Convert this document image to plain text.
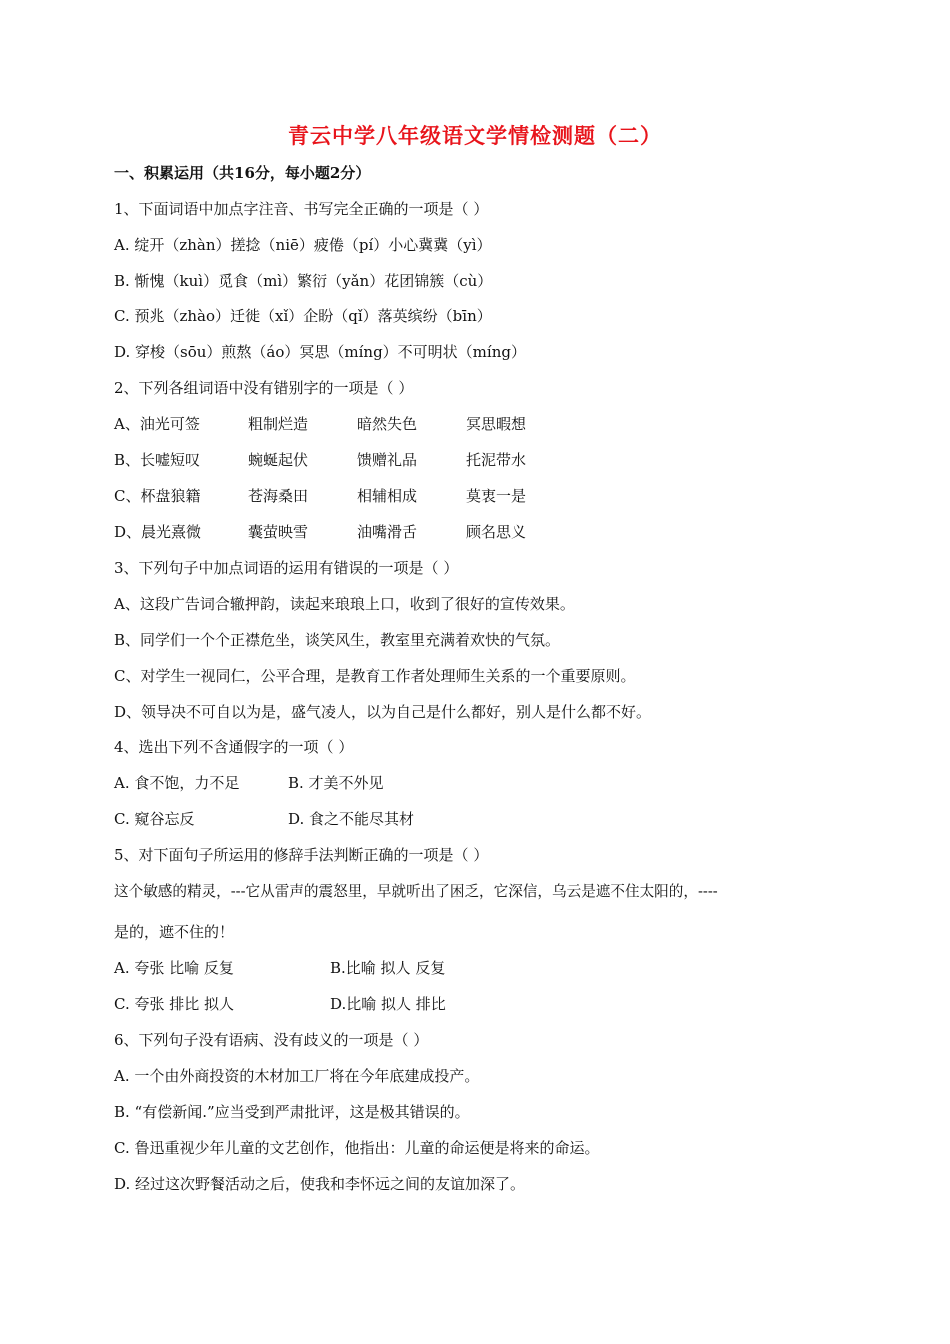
青云中学八年级语文学情检测题（二）
一、积累运用（共16分，每小题2分）
1、下面词语中加点字注音、书写完全正确的一项是（ ）
A. 绽开（zhàn）搓捻（niē）疲倦（pí）小心冀冀（yì）
B. 惭愧（kuì）觅食（mì）繁衍（yǎn）花团锦簇（cù）
C. 预兆（zhào）迁徙（xǐ）企盼（qǐ）落英缤纷（bīn）
D. 穿梭（sōu）煎熬（áo）冥思（míng）不可明状（míng）
2、下列各组词语中没有错别字的一项是（ ）
A、油光可签	粗制烂造	暗然失色	冥思暇想
B、长嘘短叹	蜿蜒起伏	馈赠礼品	托泥带水
C、杯盘狼籍	苍海桑田	相辅相成	莫衷一是
D、晨光熹微	囊萤映雪	油嘴滑舌	顾名思义
3、下列句子中加点词语的运用有错误的一项是（ ）
A、这段广告词合辙押韵，读起来琅琅上口，收到了很好的宣传效果。
B、同学们一个个正襟危坐，谈笑风生，教室里充满着欢快的气氛。
C、对学生一视同仁，公平合理，是教育工作者处理师生关系的一个重要原则。
D、领导决不可自以为是，盛气凌人，以为自己是什么都好，别人是什么都不好。
4、选出下列不含通假字的一项（ ）
A. 食不饱，力不足	B. 才美不外见
C. 窥谷忘反	D. 食之不能尽其材
5、对下面句子所运用的修辞手法判断正确的一项是（ ）
这个敏感的精灵，---它从雷声的震怒里，早就听出了困乏，它深信，乌云是遮不住太阳的，----
是的，遮不住的！
A. 夸张 比喻 反复	B.比喻 拟人 反复
C. 夸张 排比 拟人	D.比喻 拟人 排比
6、下列句子没有语病、没有歧义的一项是（ ）
A. 一个由外商投资的木材加工厂将在今年底建成投产。
B. “有偿新闻.”应当受到严肃批评，这是极其错误的。
C. 鲁迅重视少年儿童的文艺创作，他指出：儿童的命运便是将来的命运。
D. 经过这次野餐活动之后，使我和李怀远之间的友谊加深了。
